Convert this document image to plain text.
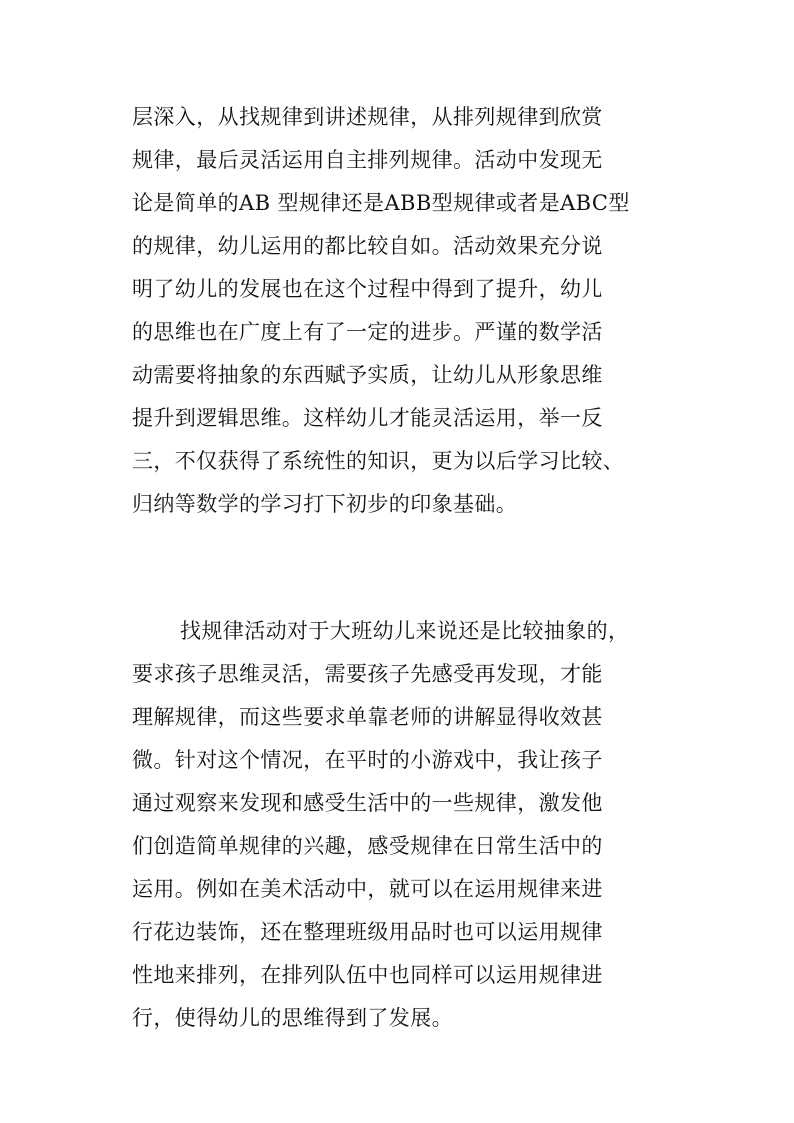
层深入，从找规律到讲述规律，从排列规律到欣赏
规律，最后灵活运用自主排列规律。活动中发现无
论是简单的AB 型规律还是ABB型规律或者是ABC型
的规律，幼儿运用的都比较自如。活动效果充分说
明了幼儿的发展也在这个过程中得到了提升，幼儿
的思维也在广度上有了一定的进步。严谨的数学活
动需要将抽象的东西赋予实质，让幼儿从形象思维
提升到逻辑思维。这样幼儿才能灵活运用，举一反
三，不仅获得了系统性的知识，更为以后学习比较、
归纳等数学的学习打下初步的印象基础。
找规律活动对于大班幼儿来说还是比较抽象的，
要求孩子思维灵活，需要孩子先感受再发现，才能
理解规律，而这些要求单靠老师的讲解显得收效甚
微。针对这个情况，在平时的小游戏中，我让孩子
通过观察来发现和感受生活中的一些规律，激发他
们创造简单规律的兴趣，感受规律在日常生活中的
运用。例如在美术活动中，就可以在运用规律来进
行花边装饰，还在整理班级用品时也可以运用规律
性地来排列，在排列队伍中也同样可以运用规律进
行，使得幼儿的思维得到了发展。
